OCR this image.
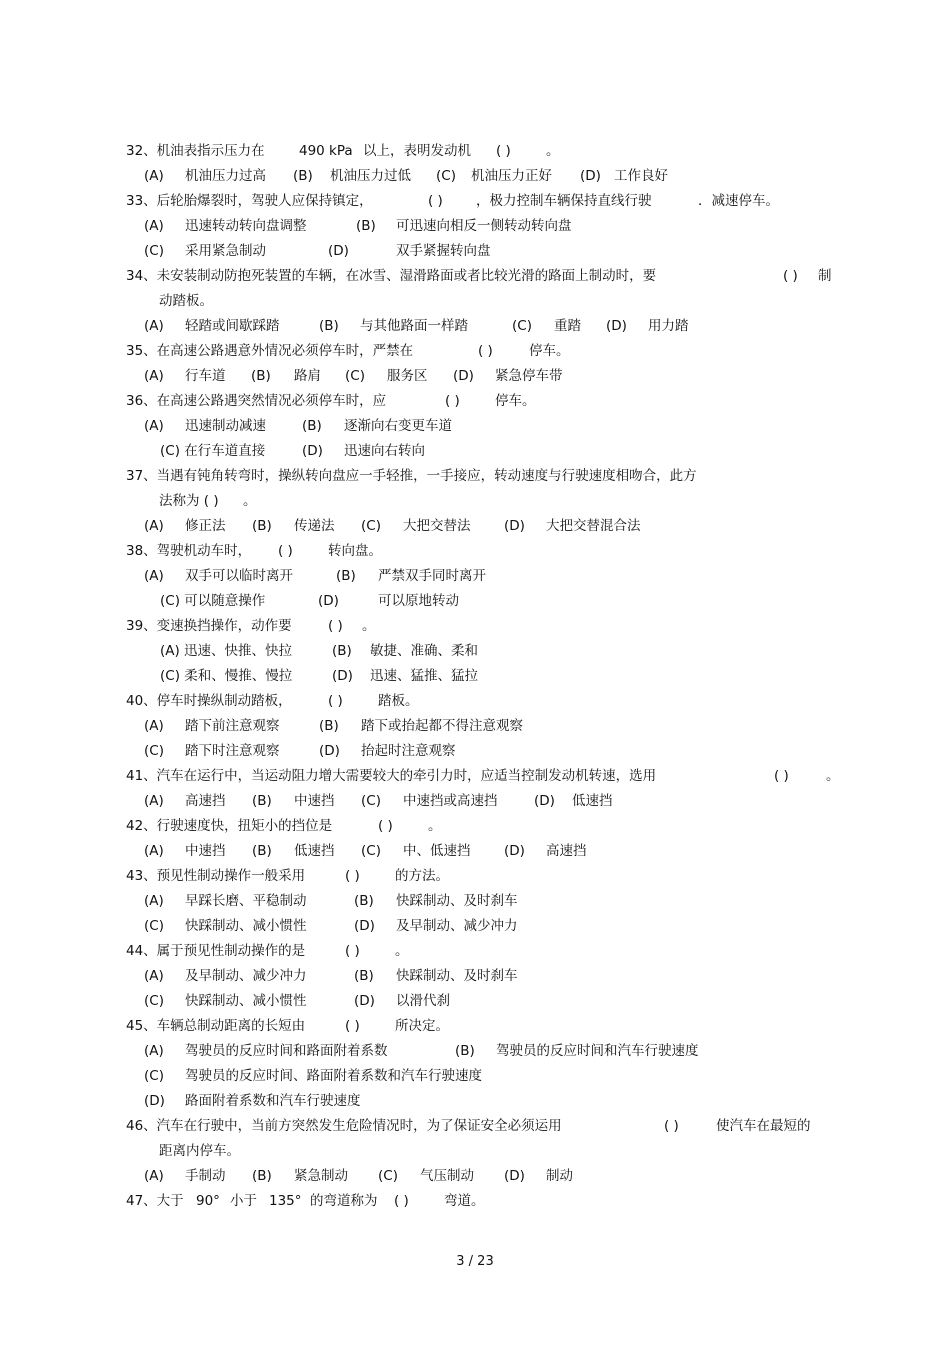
32、机油表指示压力在	490 kPa 以上，表明发动机 ( )	。
(A) 机油压力过高 (B) 机油压力过低 (C) 机油压力正好 (D) 工作良好
33、后轮胎爆裂时，驾驶人应保持镇定，	( ) ，极力控制车辆保持直线行驶	．减速停车。
(A) 迅速转动转向盘调整	(B) 可迅速向相反一侧转动转向盘
(C) 采用紧急制动	(D)	双手紧握转向盘
34、未安装制动防抱死装置的车辆，在冰雪、湿滑路面或者比较光滑的路面上制动时，要	( ) 制
动踏板。
(A) 轻踏或间歇踩踏	(B) 与其他路面一样踏	(C) 重踏 (D) 用力踏
35、在高速公路遇意外情况必须停车时，严禁在	( )	停车。
(A) 行车道 (B) 路肩 (C) 服务区 (D) 紧急停车带
36、在高速公路遇突然情况必须停车时，应	( )	停车。
(A) 迅速制动减速	(B) 逐渐向右变更车道
(C) 在行车道直接	(D) 迅速向右转向
37、当遇有钝角转弯时，操纵转向盘应一手轻推，一手接应，转动速度与行驶速度相吻合，此方
法称为 ( ) 。
(A) 修正法 (B) 传递法 (C) 大把交替法 (D) 大把交替混合法
38、驾驶机动车时， ( )	转向盘。
(A) 双手可以临时离开	(B) 严禁双手同时离开
(C) 可以随意操作	(D)	可以原地转动
39、变速换挡操作，动作要	( ) 。
(A) 迅速、快推、快拉	(B) 敏捷、准确、柔和
(C) 柔和、慢推、慢拉	(D) 迅速、猛推、猛拉
40、停车时操纵制动踏板，	( )	踏板。
(A) 踏下前注意观察	(B) 踏下或抬起都不得注意观察
(C) 踏下时注意观察	(D) 抬起时注意观察
41、汽车在运行中，当运动阻力增大需要较大的牵引力时，应适当控制发动机转速，选用	( )	。
(A) 高速挡 (B) 中速挡 (C) 中速挡或高速挡	(D) 低速挡
42、行驶速度快，扭矩小的挡位是	( )	。
(A) 中速挡 (B) 低速挡 (C) 中、低速挡 (D) 高速挡
43、预见性制动操作一般采用	( )	的方法。
(A) 早踩长磨、平稳制动	(B) 快踩制动、及时刹车
(C) 快踩制动、减小惯性	(D) 及早制动、减少冲力
44、属于预见性制动操作的是	( )	。
(A) 及早制动、减少冲力	(B) 快踩制动、及时刹车
(C) 快踩制动、减小惯性	(D) 以滑代刹
45、车辆总制动距离的长短由	( )	所决定。
(A) 驾驶员的反应时间和路面附着系数	(B) 驾驶员的反应时间和汽车行驶速度
(C) 驾驶员的反应时间、路面附着系数和汽车行驶速度
(D) 路面附着系数和汽车行驶速度
46、汽车在行驶中，当前方突然发生危险情况时，为了保证安全必须运用	( )	使汽车在最短的
距离内停车。
(A) 手制动 (B) 紧急制动 (C) 气压制动 (D) 制动
47、大于 90° 小于 135° 的弯道称为 ( )	弯道。
3 / 23
